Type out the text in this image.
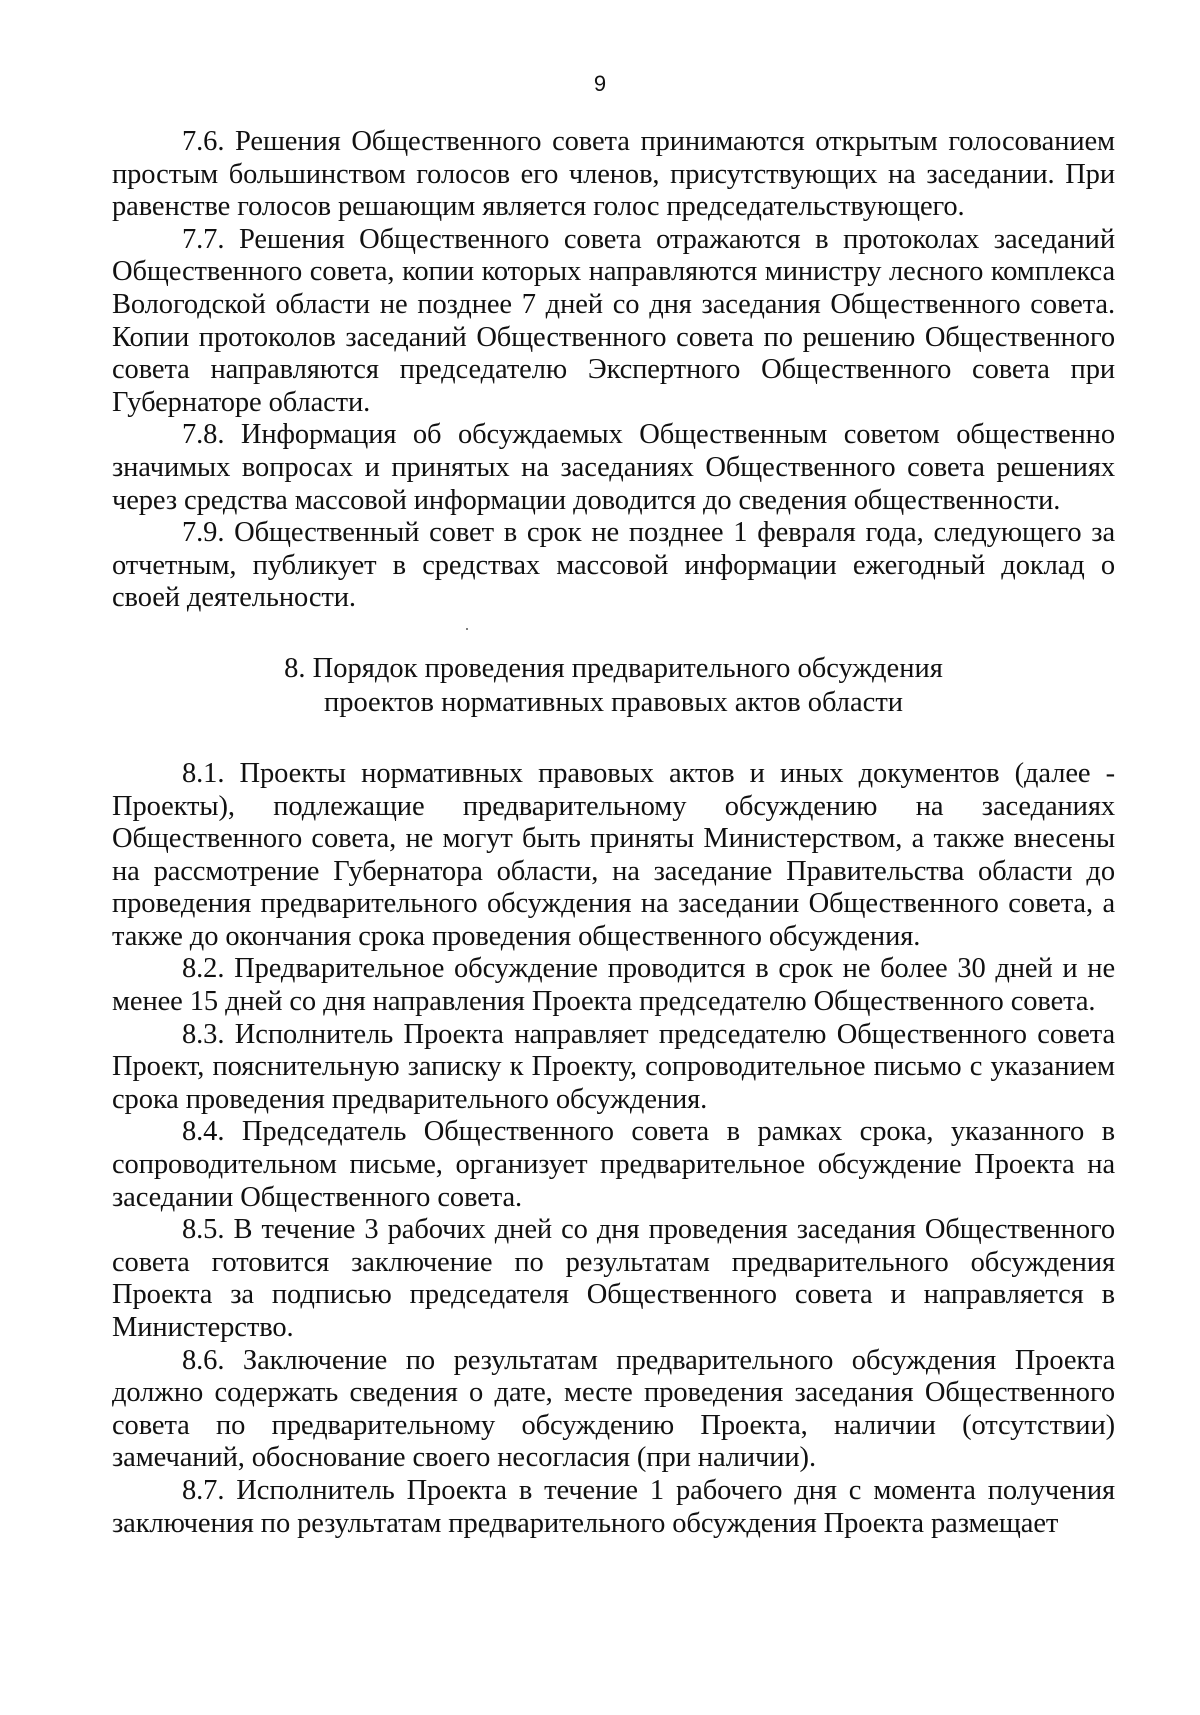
9

7.6. Решения Общественного совета принимаются открытым голосованием простым большинством голосов его членов, присутствующих на заседании. При равенстве голосов решающим является голос председательствующего.

7.7. Решения Общественного совета отражаются в протоколах заседаний Общественного совета, копии которых направляются министру лесного комплекса Вологодской области не позднее 7 дней со дня заседания Общественного совета. Копии протоколов заседаний Общественного совета по решению Общественного совета направляются председателю Экспертного Общественного совета при Губернаторе области.

7.8. Информация об обсуждаемых Общественным советом общественно значимых вопросах и принятых на заседаниях Общественного совета решениях через средства массовой информации доводится до сведения общественности.

7.9. Общественный совет в срок не позднее 1 февраля года, следующего за отчетным, публикует в средствах массовой информации ежегодный доклад о своей деятельности.

8. Порядок проведения предварительного обсуждения
проектов нормативных правовых актов области

8.1. Проекты нормативных правовых актов и иных документов (далее - Проекты), подлежащие предварительному обсуждению на заседаниях Общественного совета, не могут быть приняты Министерством, а также внесены на рассмотрение Губернатора области, на заседание Правительства области до проведения предварительного обсуждения на заседании Общественного совета, а также до окончания срока проведения общественного обсуждения.

8.2. Предварительное обсуждение проводится в срок не более 30 дней и не менее 15 дней со дня направления Проекта председателю Общественного совета.

8.3. Исполнитель Проекта направляет председателю Общественного совета Проект, пояснительную записку к Проекту, сопроводительное письмо с указанием срока проведения предварительного обсуждения.

8.4. Председатель Общественного совета в рамках срока, указанного в сопроводительном письме, организует предварительное обсуждение Проекта на заседании Общественного совета.

8.5. В течение 3 рабочих дней со дня проведения заседания Общественного совета готовится заключение по результатам предварительного обсуждения Проекта за подписью председателя Общественного совета и направляется в Министерство.

8.6. Заключение по результатам предварительного обсуждения Проекта должно содержать сведения о дате, месте проведения заседания Общественного совета по предварительному обсуждению Проекта, наличии (отсутствии) замечаний, обоснование своего несогласия (при наличии).

8.7. Исполнитель Проекта в течение 1 рабочего дня с момента получения заключения по результатам предварительного обсуждения Проекта размещает
